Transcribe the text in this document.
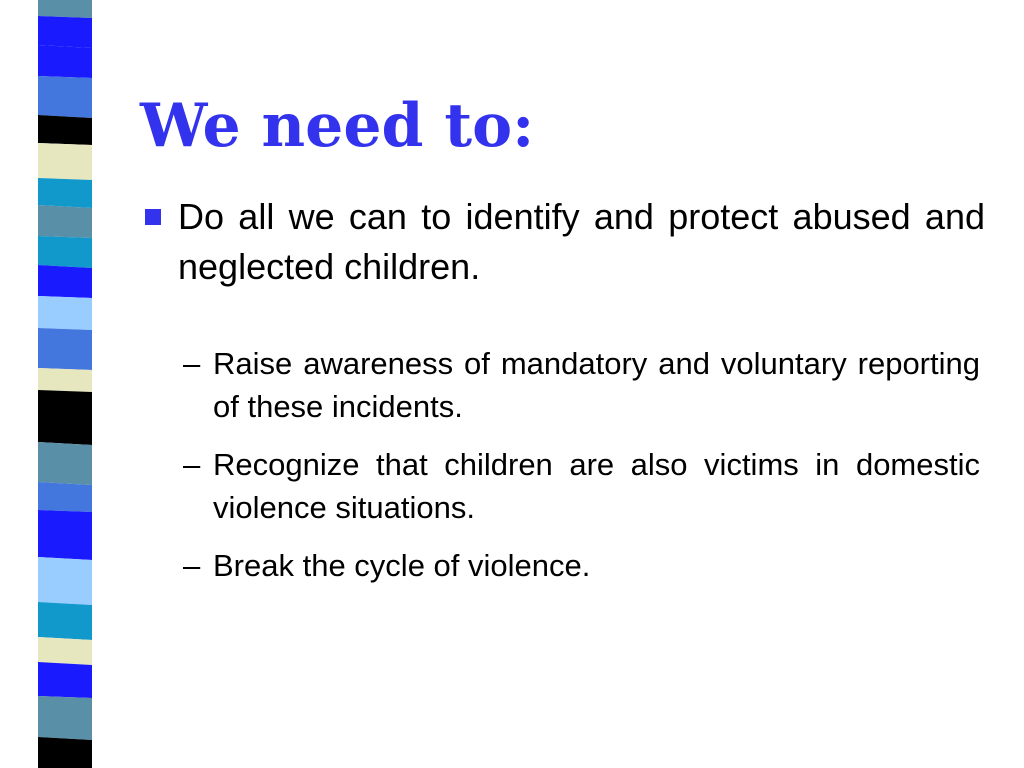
We need to:
Do all we can to identify and protect abused and neglected children.
– Raise awareness of mandatory and voluntary reporting of these incidents.
– Recognize that children are also victims in domestic violence situations.
– Break the cycle of violence.
